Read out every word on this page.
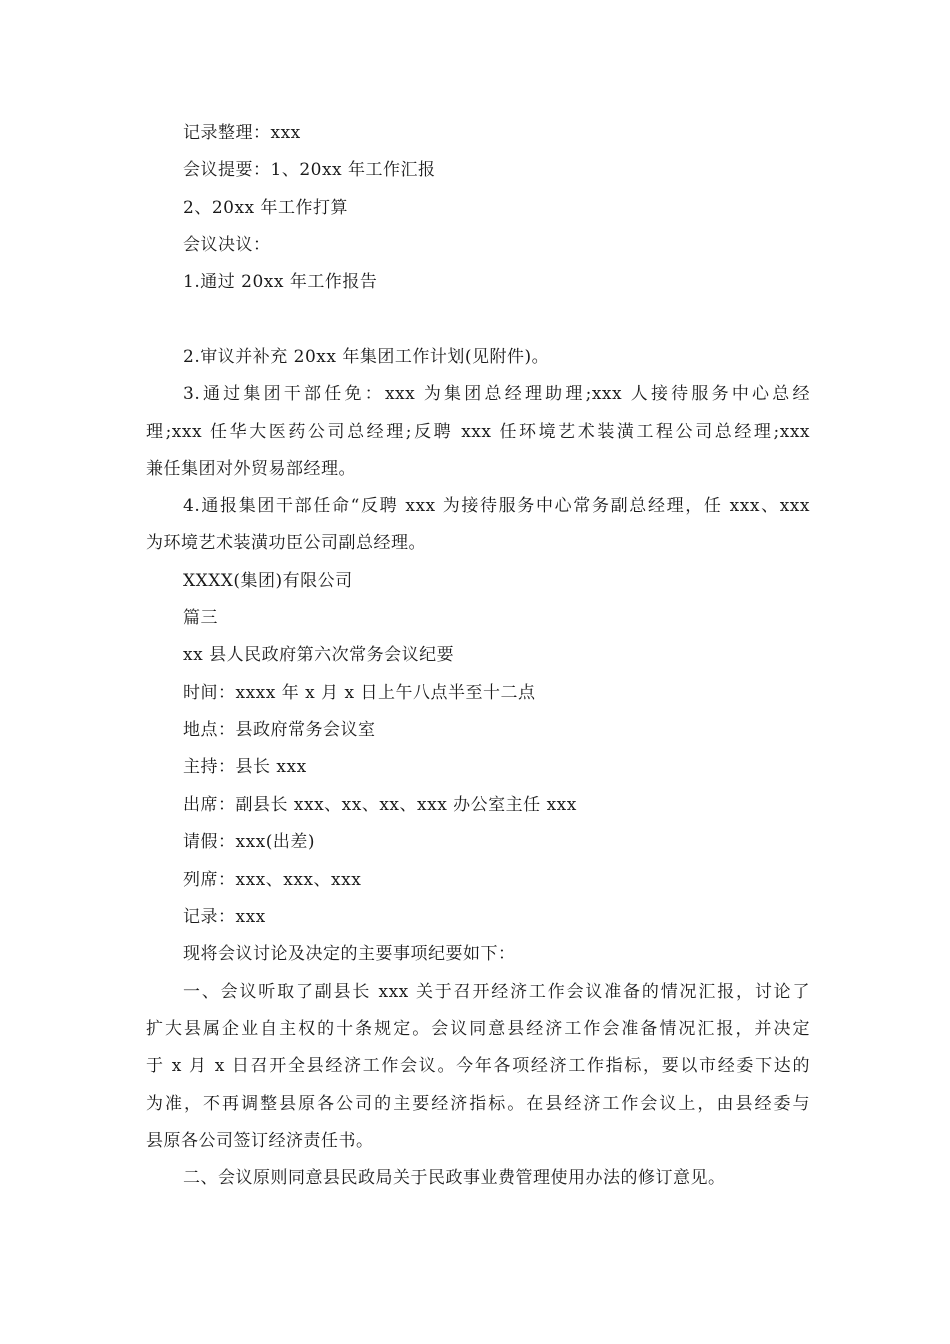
记录整理：xxx
会议提要：1、20xx 年工作汇报
2、20xx 年工作打算
会议决议：
1.通过 20xx 年工作报告
2.审议并补充 20xx 年集团工作计划(见附件)。
3.通过集团干部任免：xxx 为集团总经理助理;xxx 人接待服务中心总经
理;xxx 任华大医药公司总经理;反聘 xxx 任环境艺术装潢工程公司总经理;xxx
兼任集团对外贸易部经理。
4.通报集团干部任命“反聘 xxx 为接待服务中心常务副总经理，任 xxx、xxx
为环境艺术装潢功臣公司副总经理。
XXXX(集团)有限公司
篇三
xx 县人民政府第六次常务会议纪要
时间：xxxx 年 x 月 x 日上午八点半至十二点
地点：县政府常务会议室
主持：县长 xxx
出席：副县长 xxx、xx、xx、xxx 办公室主任 xxx
请假：xxx(出差)
列席：xxx、xxx、xxx
记录：xxx
现将会议讨论及决定的主要事项纪要如下：
一、会议听取了副县长 xxx 关于召开经济工作会议准备的情况汇报，讨论了
扩大县属企业自主权的十条规定。会议同意县经济工作会准备情况汇报，并决定
于 x 月 x 日召开全县经济工作会议。今年各项经济工作指标，要以市经委下达的
为准，不再调整县原各公司的主要经济指标。在县经济工作会议上，由县经委与
县原各公司签订经济责任书。
二、会议原则同意县民政局关于民政事业费管理使用办法的修订意见。
